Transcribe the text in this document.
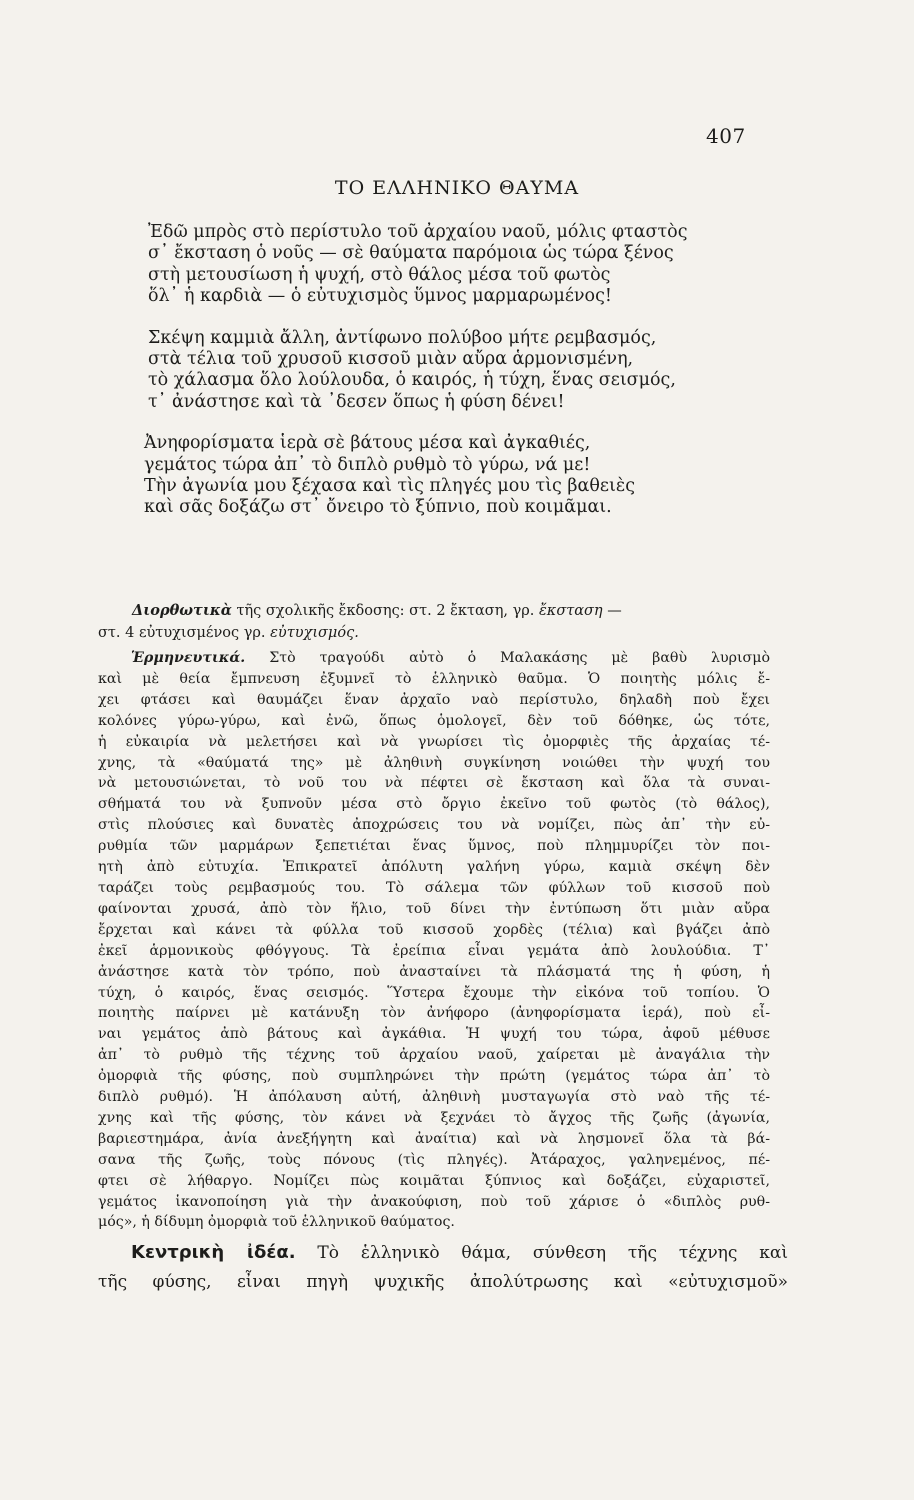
407
ΤΟ ΕΛΛΗΝΙΚΟ ΘΑΥΜΑ
Ἐδῶ μπρὸς στὸ περίστυλο τοῦ ἀρχαίου ναοῦ, μόλις φταστὸς
σ᾽ ἔκσταση ὁ νοῦς — σὲ θαύματα παρόμοια ὡς τώρα ξένος
στὴ μετουσίωση ἡ ψυχή, στὸ θάλος μέσα τοῦ φωτὸς
ὅλ᾽ ἡ καρδιὰ — ὁ εὐτυχισμὸς ὕμνος μαρμαρωμένος!
Σκέψη καμμιὰ ἄλλη, ἀντίφωνο πολύβοο μήτε ρεμβασμός,
στὰ τέλια τοῦ χρυσοῦ κισσοῦ μιὰν αὔρα ἁρμονισμένη,
τὸ χάλασμα ὅλο λούλουδα, ὁ καιρός, ἡ τύχη, ἕνας σεισμός,
τ᾽ ἀνάστησε καὶ τὰ ᾽δεσεν ὅπως ἡ φύση δένει!
Ἀνηφορίσματα ἱερὰ σὲ βάτους μέσα καὶ ἀγκαθιές,
γεμάτος τώρα ἀπ᾽ τὸ διπλὸ ρυθμὸ τὸ γύρω, νά με!
Τὴν ἀγωνία μου ξέχασα καὶ τὶς πληγές μου τὶς βαθειὲς
καὶ σᾶς δοξάζω στ᾽ ὄνειρο τὸ ξύπνιο, ποὺ κοιμᾶμαι.
Διορθωτικὰ τῆς σχολικῆς ἔκδοσης: στ. 2 ἔκταση, γρ. ἔκσταση —
στ. 4 εὐτυχισμένος γρ. εὐτυχισμός.
Ἑρμηνευτικά. Στὸ τραγούδι αὐτὸ ὁ Μαλακάσης μὲ βαθὺ λυρισμὸ
καὶ μὲ θεία ἔμπνευση ἐξυμνεῖ τὸ ἑλληνικὸ θαῦμα. Ὁ ποιητὴς μόλις ἔ-
χει φτάσει καὶ θαυμάζει ἕναν ἀρχαῖο ναὸ περίστυλο, δηλαδὴ ποὺ ἔχει
κολόνες γύρω-γύρω, καὶ ἐνῶ, ὅπως ὁμολογεῖ, δὲν τοῦ δόθηκε, ὡς τότε,
ἡ εὐκαιρία νὰ μελετήσει καὶ νὰ γνωρίσει τὶς ὀμορφιὲς τῆς ἀρχαίας τέ-
χνης, τὰ «θαύματά της» μὲ ἀληθινὴ συγκίνηση νοιώθει τὴν ψυχή του
νὰ μετουσιώνεται, τὸ νοῦ του νὰ πέφτει σὲ ἔκσταση καὶ ὅλα τὰ συναι-
σθήματά του νὰ ξυπνοῦν μέσα στὸ ὄργιο ἐκεῖνο τοῦ φωτὸς (τὸ θάλος),
στὶς πλούσιες καὶ δυνατὲς ἀποχρώσεις του νὰ νομίζει, πὼς ἀπ᾽ τὴν εὐ-
ρυθμία τῶν μαρμάρων ξεπετιέται ἕνας ὕμνος, ποὺ πλημμυρίζει τὸν ποι-
ητὴ ἀπὸ εὐτυχία. Ἐπικρατεῖ ἀπόλυτη γαλήνη γύρω, καμιὰ σκέψη δὲν
ταράζει τοὺς ρεμβασμούς του. Τὸ σάλεμα τῶν φύλλων τοῦ κισσοῦ ποὺ
φαίνονται χρυσά, ἀπὸ τὸν ἥλιο, τοῦ δίνει τὴν ἐντύπωση ὅτι μιὰν αὔρα
ἔρχεται καὶ κάνει τὰ φύλλα τοῦ κισσοῦ χορδὲς (τέλια) καὶ βγάζει ἀπὸ
ἐκεῖ ἁρμονικοὺς φθόγγους. Τὰ ἐρείπια εἶναι γεμάτα ἀπὸ λουλούδια. Τ᾽
ἀνάστησε κατὰ τὸν τρόπο, ποὺ ἀνασταίνει τὰ πλάσματά της ἡ φύση, ἡ
τύχη, ὁ καιρός, ἕνας σεισμός. Ὕστερα ἔχουμε τὴν εἰκόνα τοῦ τοπίου. Ὁ
ποιητὴς παίρνει μὲ κατάνυξη τὸν ἀνήφορο (ἀνηφορίσματα ἱερά), ποὺ εἶ-
ναι γεμάτος ἀπὸ βάτους καὶ ἀγκάθια. Ἡ ψυχή του τώρα, ἀφοῦ μέθυσε
ἀπ᾽ τὸ ρυθμὸ τῆς τέχνης τοῦ ἀρχαίου ναοῦ, χαίρεται μὲ ἀναγάλια τὴν
ὀμορφιὰ τῆς φύσης, ποὺ συμπληρώνει τὴν πρώτη (γεμάτος τώρα ἀπ᾽ τὸ
διπλὸ ρυθμό). Ἡ ἀπόλαυση αὐτή, ἀληθινὴ μυσταγωγία στὸ ναὸ τῆς τέ-
χνης καὶ τῆς φύσης, τὸν κάνει νὰ ξεχνάει τὸ ἄγχος τῆς ζωῆς (ἀγωνία,
βαριεστημάρα, ἀνία ἀνεξήγητη καὶ ἀναίτια) καὶ νὰ λησμονεῖ ὅλα τὰ βά-
σανα τῆς ζωῆς, τοὺς πόνους (τὶς πληγές). Ἀτάραχος, γαληνεμένος, πέ-
φτει σὲ λήθαργο. Νομίζει πὼς κοιμᾶται ξύπνιος καὶ δοξάζει, εὐχαριστεῖ,
γεμάτος ἱκανοποίηση γιὰ τὴν ἀνακούφιση, ποὺ τοῦ χάρισε ὁ «διπλὸς ρυθ-
μός», ἡ δίδυμη ὀμορφιὰ τοῦ ἑλληνικοῦ θαύματος.
Κεντρικὴ ἰδέα. Τὸ ἑλληνικὸ θάμα, σύνθεση τῆς τέχνης καὶ
τῆς φύσης, εἶναι πηγὴ ψυχικῆς ἀπολύτρωσης καὶ «εὐτυχισμοῦ»
